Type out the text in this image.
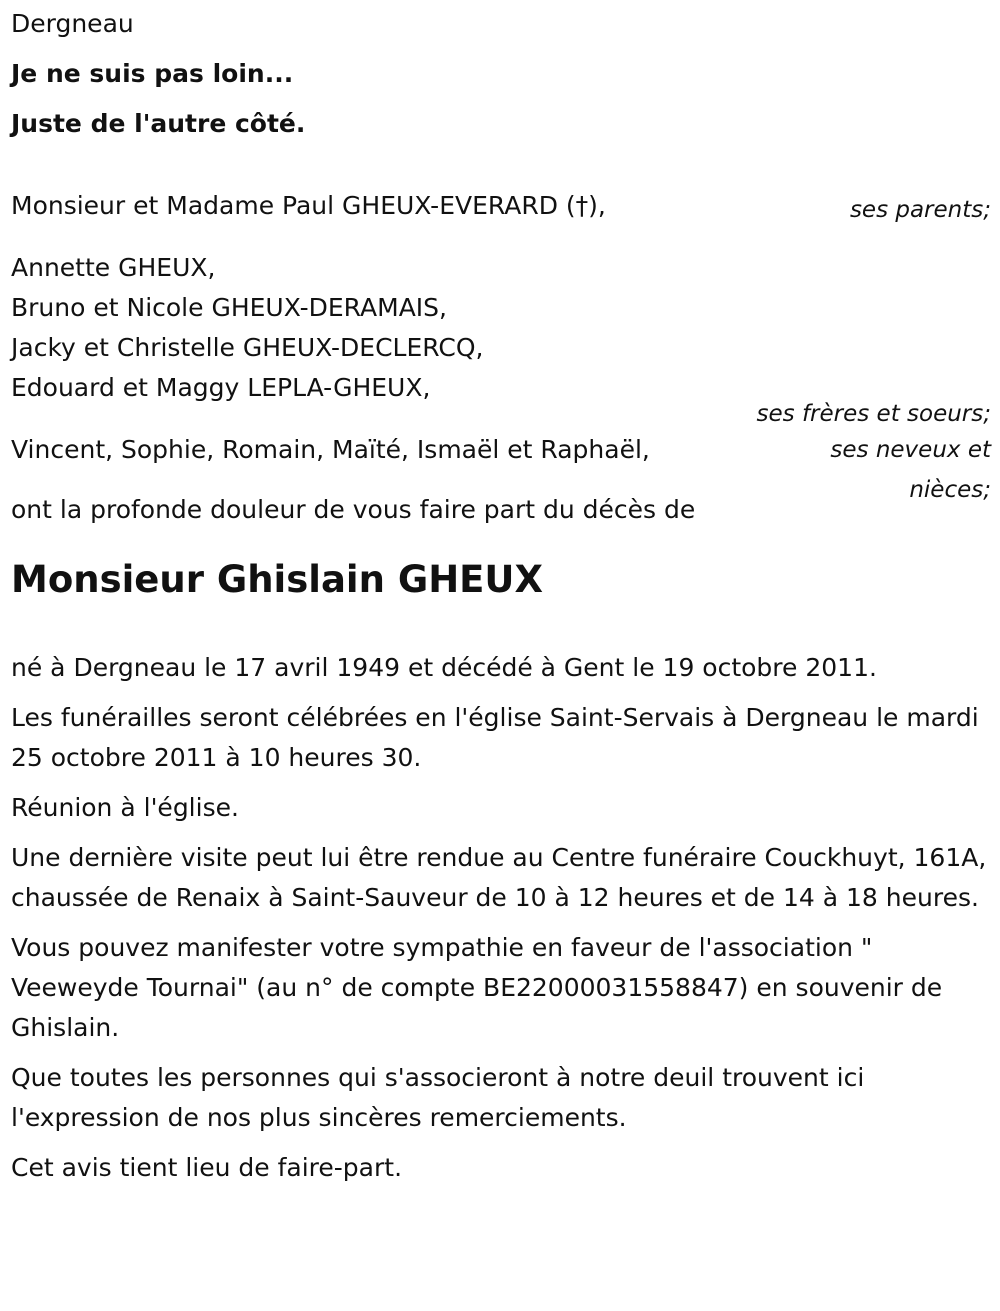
Dergneau

Je ne suis pas loin...

Juste de l'autre côté.

Monsieur et Madame Paul GHEUX-EVERARD (†),	ses parents;
Annette GHEUX,
Bruno et Nicole GHEUX-DERAMAIS,
Jacky et Christelle GHEUX-DECLERCQ,
Edouard et Maggy LEPLA-GHEUX,
ses frères et soeurs;
Vincent, Sophie, Romain, Maïté, Ismaël et Raphaël,	ses neveux et nièces;

ont la profonde douleur de vous faire part du décès de

Monsieur Ghislain GHEUX

né à Dergneau le 17 avril 1949 et décédé à Gent le 19 octobre 2011.

Les funérailles seront célébrées en l'église Saint-Servais à Dergneau le mardi 25 octobre 2011 à 10 heures 30.

Réunion à l'église.

Une dernière visite peut lui être rendue au Centre funéraire Couckhuyt, 161A, chaussée de Renaix à Saint-Sauveur de 10 à 12 heures et de 14 à 18 heures.

Vous pouvez manifester votre sympathie en faveur de l'association " Veeweyde Tournai" (au n° de compte BE22000031558847) en souvenir de Ghislain.

Que toutes les personnes qui s'associeront à notre deuil trouvent ici l'expression de nos plus sincères remerciements.

Cet avis tient lieu de faire-part.
